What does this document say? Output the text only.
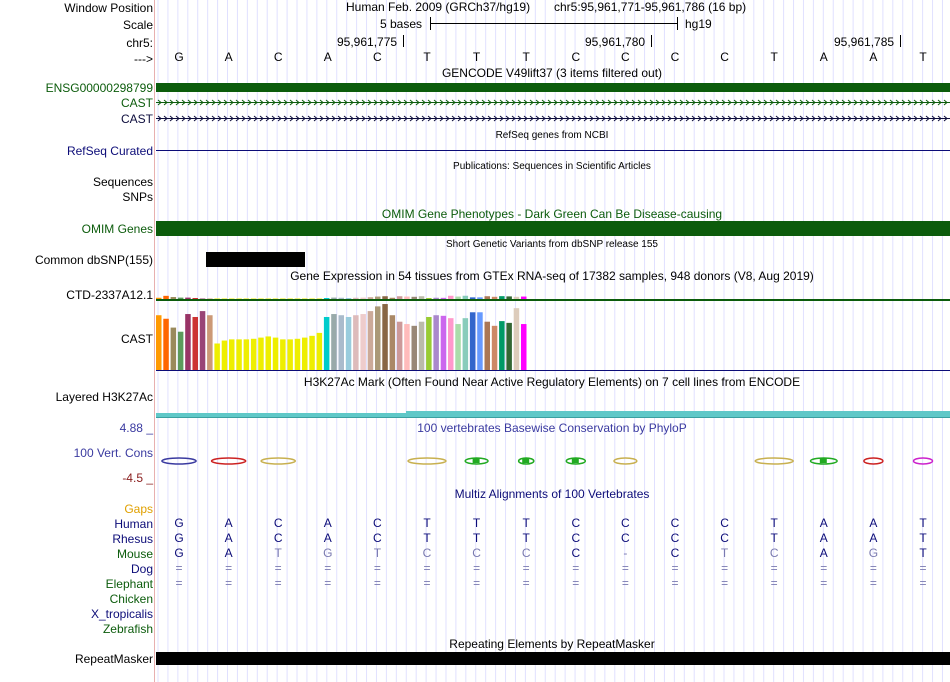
Window Position	Human Feb. 2009 (GRCh37/hg19) chr5:95,961,771-95,961,786 (16 bp)
Scale	5 bases	hg19
chr5:	95,961,775	95,961,780	95,961,785
---> G	A	C	A	C	T	T	T	C	C	C	C	T	A	A	T
GENCODE V49lift37 (3 items filtered out)
ENSG00000298799
CAST
CAST
RefSeq genes from NCBI
RefSeq Curated
Publications: Sequences in Scientific Articles
Sequences
SNPs
OMIM Gene Phenotypes - Dark Green Can Be Disease-causing
OMIM Genes
Short Genetic Variants from dbSNP release 155
Common dbSNP(155)
Gene Expression in 54 tissues from GTEx RNA-seq of 17382 samples, 948 donors (V8, Aug 2019)
CTD-2337A12.1
CAST
H3K27Ac Mark (Often Found Near Active Regulatory Elements) on 7 cell lines from ENCODE
Layered H3K27Ac
100 vertebrates Basewise Conservation by PhyloP
4.88 _
100 Vert. Cons
-4.5 _
Multiz Alignments of 100 Vertebrates
Gaps
Human G	A	C	A	C	T	T	T	C	C	C	C	T	A	A	T
Rhesus G	A	C	A	C	T	T	T	C	C	C	C	T	A	A	T
Mouse G	A	T	G	T	C	C	C	C	-	C	T	C	A	G	T
Dog =	=	=	=	=	=	=	=	=	=	=	=	=	=	=	=
Elephant =	=	=	=	=	=	=	=	=	=	=	=	=	=	=	=
Chicken
X_tropicalis
Zebrafish
Repeating Elements by RepeatMasker
RepeatMasker
